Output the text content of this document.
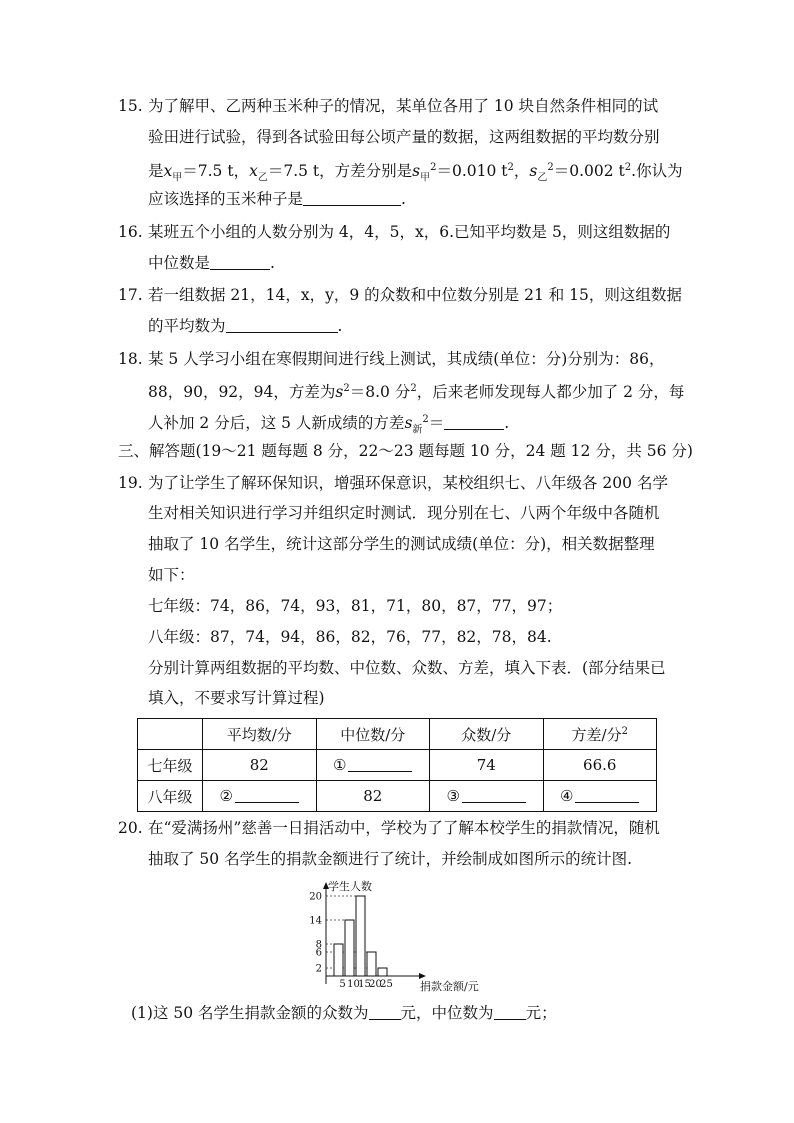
15. 为了解甲、乙两种玉米种子的情况，某单位各用了 10 块自然条件相同的试
验田进行试验，得到各试验田每公顷产量的数据，这两组数据的平均数分别
是$x_甲=7.5$ t，$x_乙=7.5$ t，方差分别是$s_甲^2=0.010$ $t^2$，$s_乙^2=0.002$ $t^2$.你认为
应该选择的玉米种子是	.
16. 某班五个小组的人数分别为 4，4，5，x，6.已知平均数是 5，则这组数据的
中位数是	.
17. 若一组数据 21，14，x，y，9 的众数和中位数分别是 21 和 15，则这组数据
的平均数为	.
18. 某 5 人学习小组在寒假期间进行线上测试，其成绩(单位：分)分别为：86，
88，90，92，94，方差为$s^2=8.0$ 分$^2$，后来老师发现每人都少加了 2 分，每
人补加 2 分后，这 5 人新成绩的方差$s_新^2=$	.
三、解答题(19～21 题每题 8 分，22～23 题每题 10 分，24 题 12 分，共 56 分)
19. 为了让学生了解环保知识，增强环保意识，某校组织七、八年级各 200 名学
生对相关知识进行学习并组织定时测试．现分别在七、八两个年级中各随机
抽取了 10 名学生，统计这部分学生的测试成绩(单位：分)，相关数据整理
如下：
七年级：74，86，74，93，81，71，80，87，77，97；
八年级：87，74，94，86，82，76，77，82，78，84.
分别计算两组数据的平均数、中位数、众数、方差，填入下表．(部分结果已
填入，不要求写计算过程)
	平均数/分	中位数/分	众数/分	方差/分$^2$
七年级	82	①	74	66.6
八年级	②	82	③	④
20. 在“爱满扬州”慈善一日捐活动中，学校为了了解本校学生的捐款情况，随机
抽取了 50 名学生的捐款金额进行了统计，并绘制成如图所示的统计图.
学生人数
捐款金额/元
5 10
15
20
25
2
6
8
14
20
(1)这 50 名学生捐款金额的众数为 元，中位数为 元；
